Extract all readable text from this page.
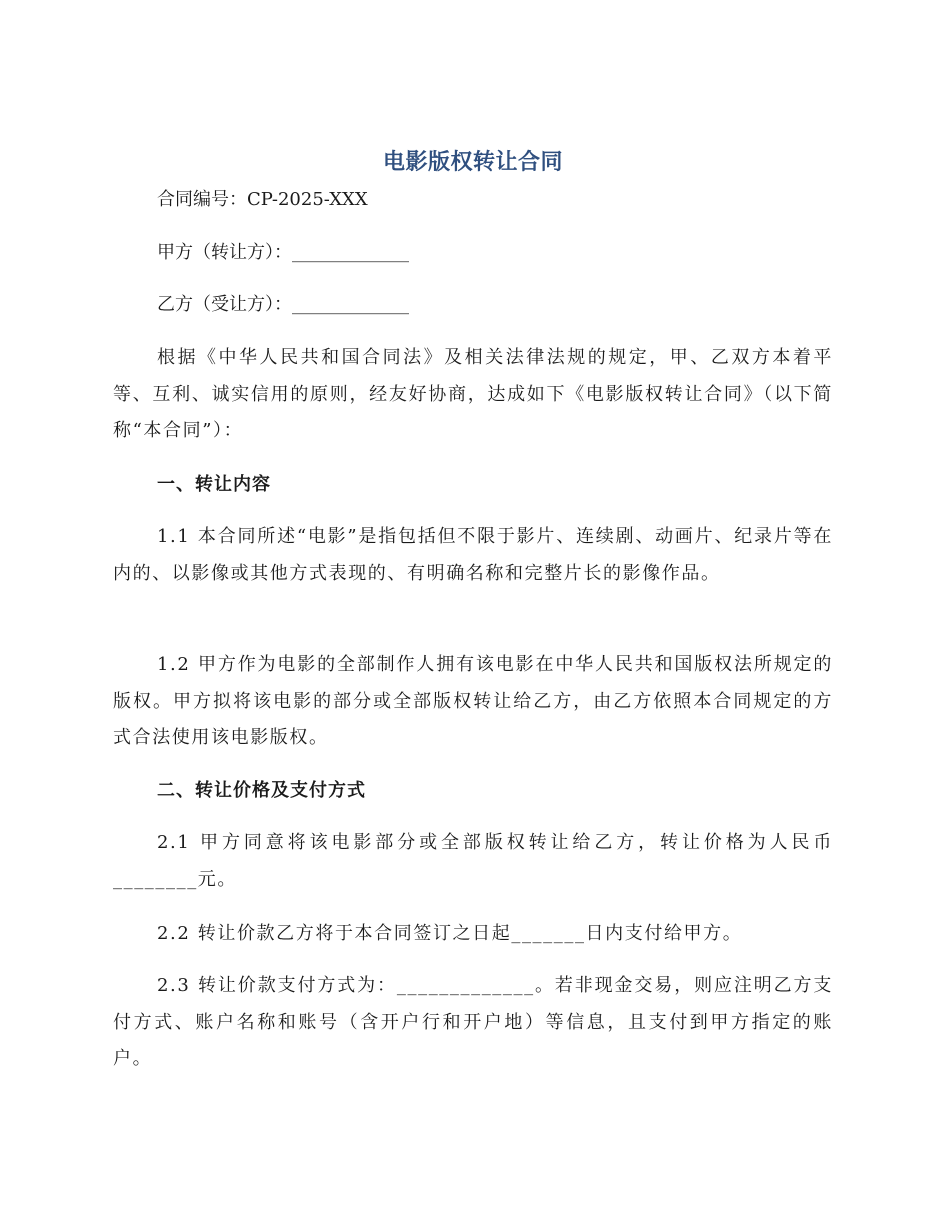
电影版权转让合同
合同编号：CP-2025-XXX
甲方（转让方）：_____________
乙方（受让方）：_____________
根据《中华人民共和国合同法》及相关法律法规的规定，甲、乙双方本着平等、互利、诚实信用的原则，经友好协商，达成如下《电影版权转让合同》（以下简称“本合同”）：
一、转让内容
1.1 本合同所述“电影”是指包括但不限于影片、连续剧、动画片、纪录片等在内的、以影像或其他方式表现的、有明确名称和完整片长的影像作品。
1.2 甲方作为电影的全部制作人拥有该电影在中华人民共和国版权法所规定的版权。甲方拟将该电影的部分或全部版权转让给乙方，由乙方依照本合同规定的方式合法使用该电影版权。
二、转让价格及支付方式
2.1 甲方同意将该电影部分或全部版权转让给乙方，转让价格为人民币________元。
2.2 转让价款乙方将于本合同签订之日起_______日内支付给甲方。
2.3 转让价款支付方式为：_____________。若非现金交易，则应注明乙方支付方式、账户名称和账号（含开户行和开户地）等信息，且支付到甲方指定的账户。
